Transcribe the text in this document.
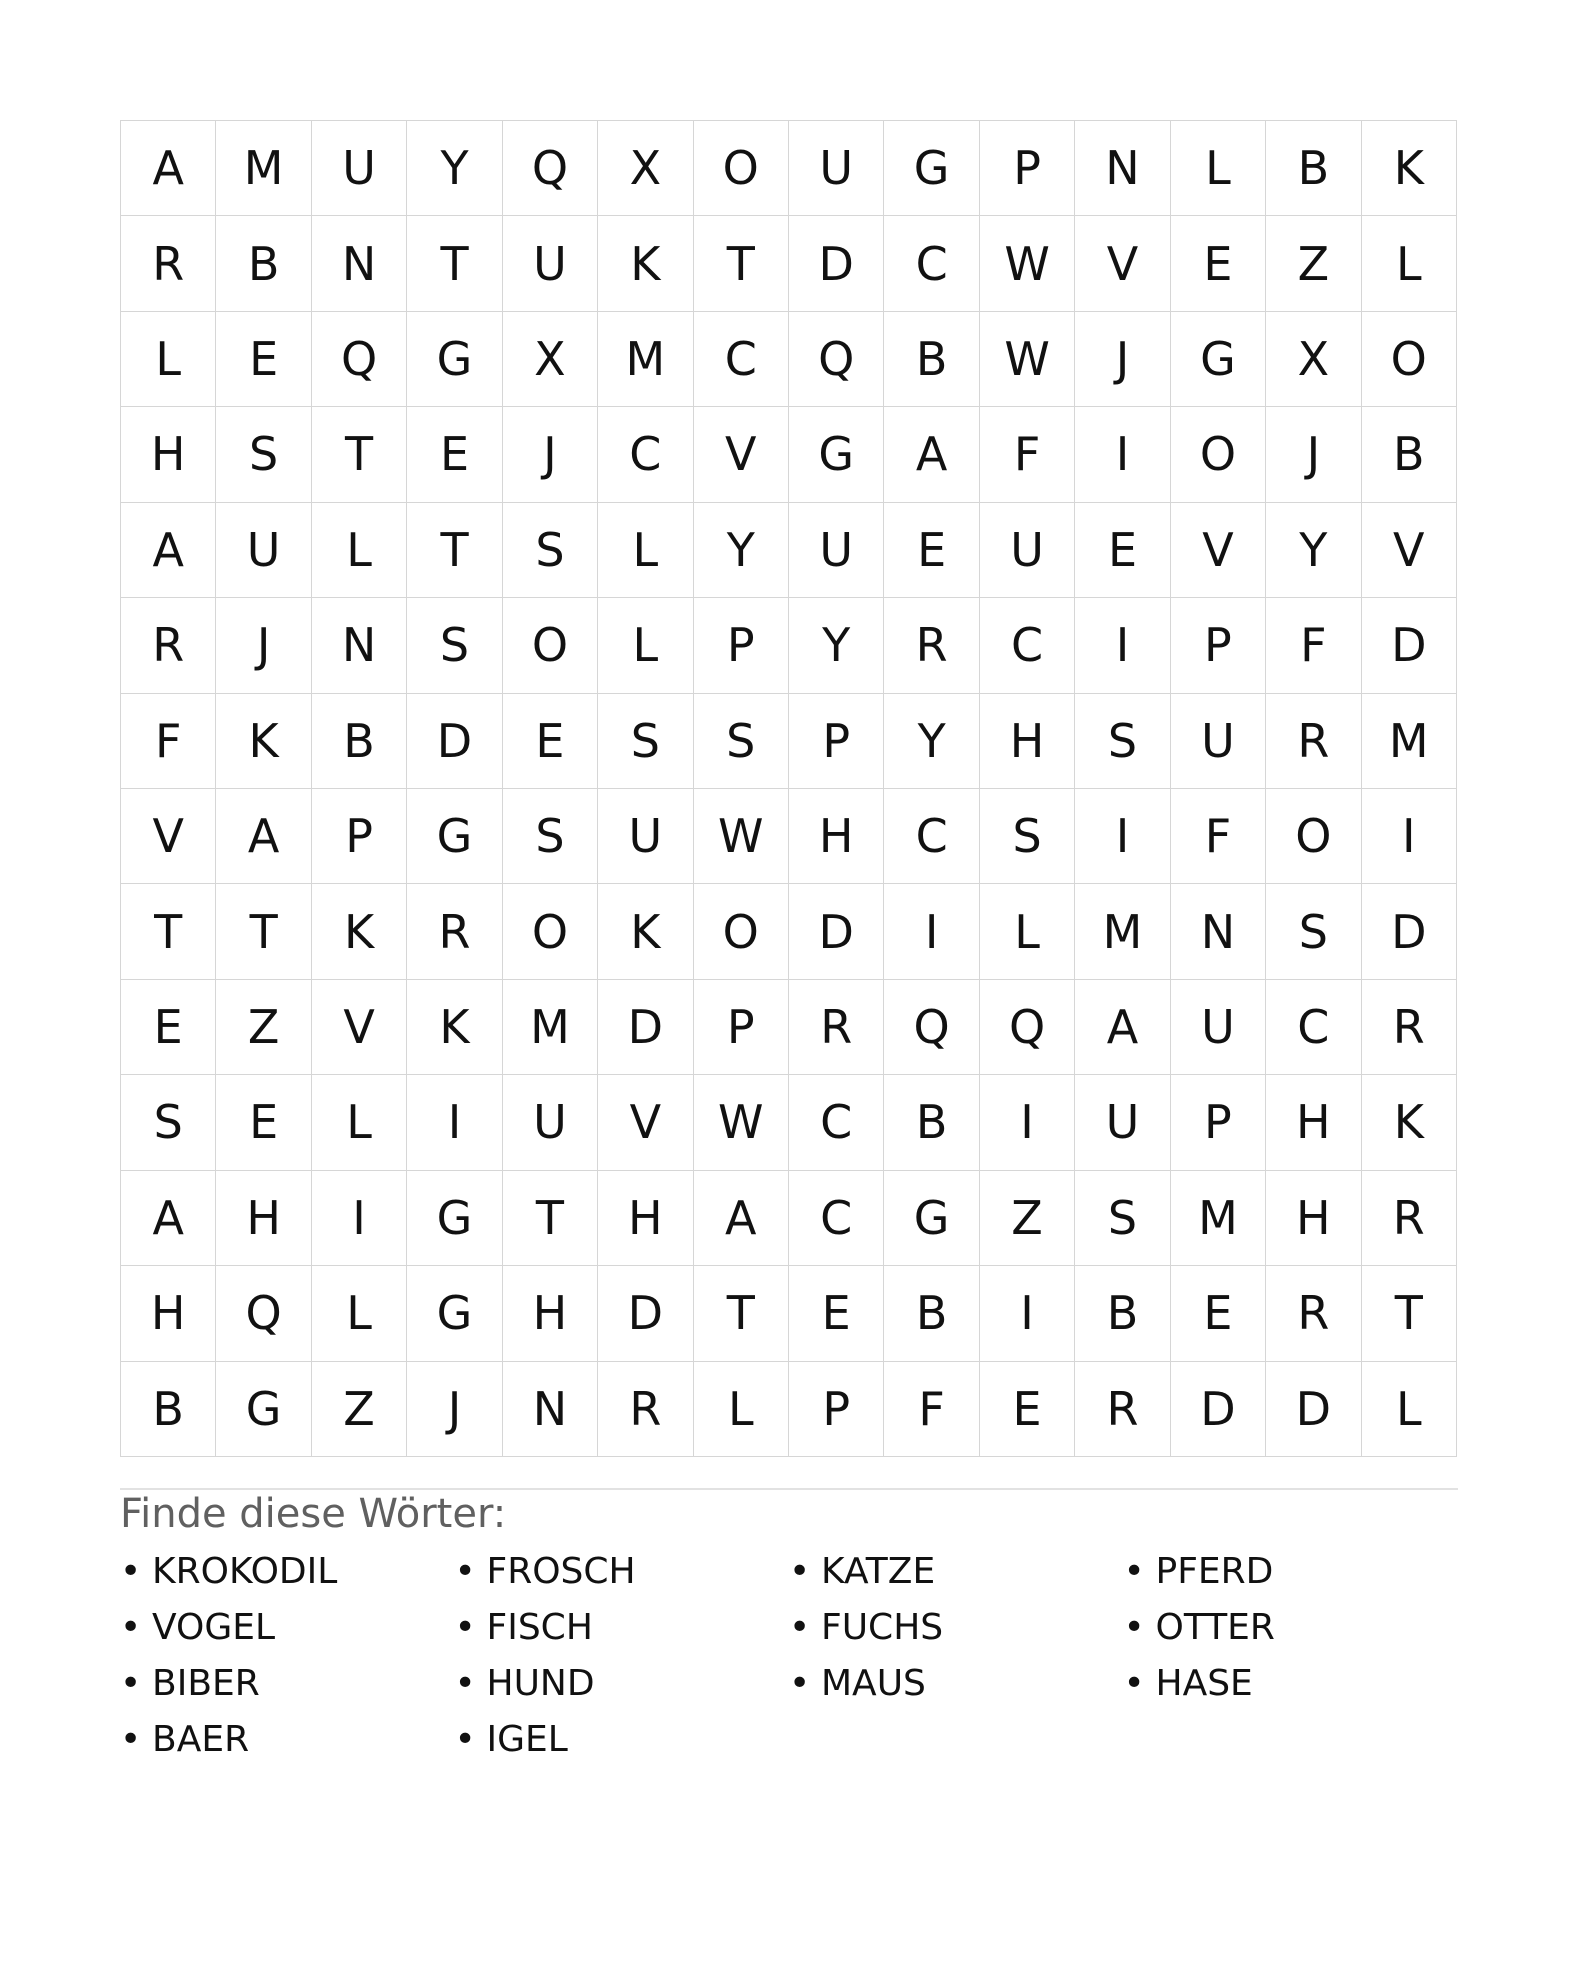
A	M	U	Y	Q	X	O	U	G	P	N	L	B	K
R	B	N	T	U	K	T	D	C	W	V	E	Z	L
L	E	Q	G	X	M	C	Q	B	W	J	G	X	O
H	S	T	E	J	C	V	G	A	F	I	O	J	B
A	U	L	T	S	L	Y	U	E	U	E	V	Y	V
R	J	N	S	O	L	P	Y	R	C	I	P	F	D
F	K	B	D	E	S	S	P	Y	H	S	U	R	M
V	A	P	G	S	U	W	H	C	S	I	F	O	I
T	T	K	R	O	K	O	D	I	L	M	N	S	D
E	Z	V	K	M	D	P	R	Q	Q	A	U	C	R
S	E	L	I	U	V	W	C	B	I	U	P	H	K
A	H	I	G	T	H	A	C	G	Z	S	M	H	R
H	Q	L	G	H	D	T	E	B	I	B	E	R	T
B	G	Z	J	N	R	L	P	F	E	R	D	D	L
Finde diese Wörter:
• KROKODIL	• FROSCH	• KATZE	• PFERD
• VOGEL	• FISCH	• FUCHS	• OTTER
• BIBER	• HUND	• MAUS	• HASE
• BAER	• IGEL
